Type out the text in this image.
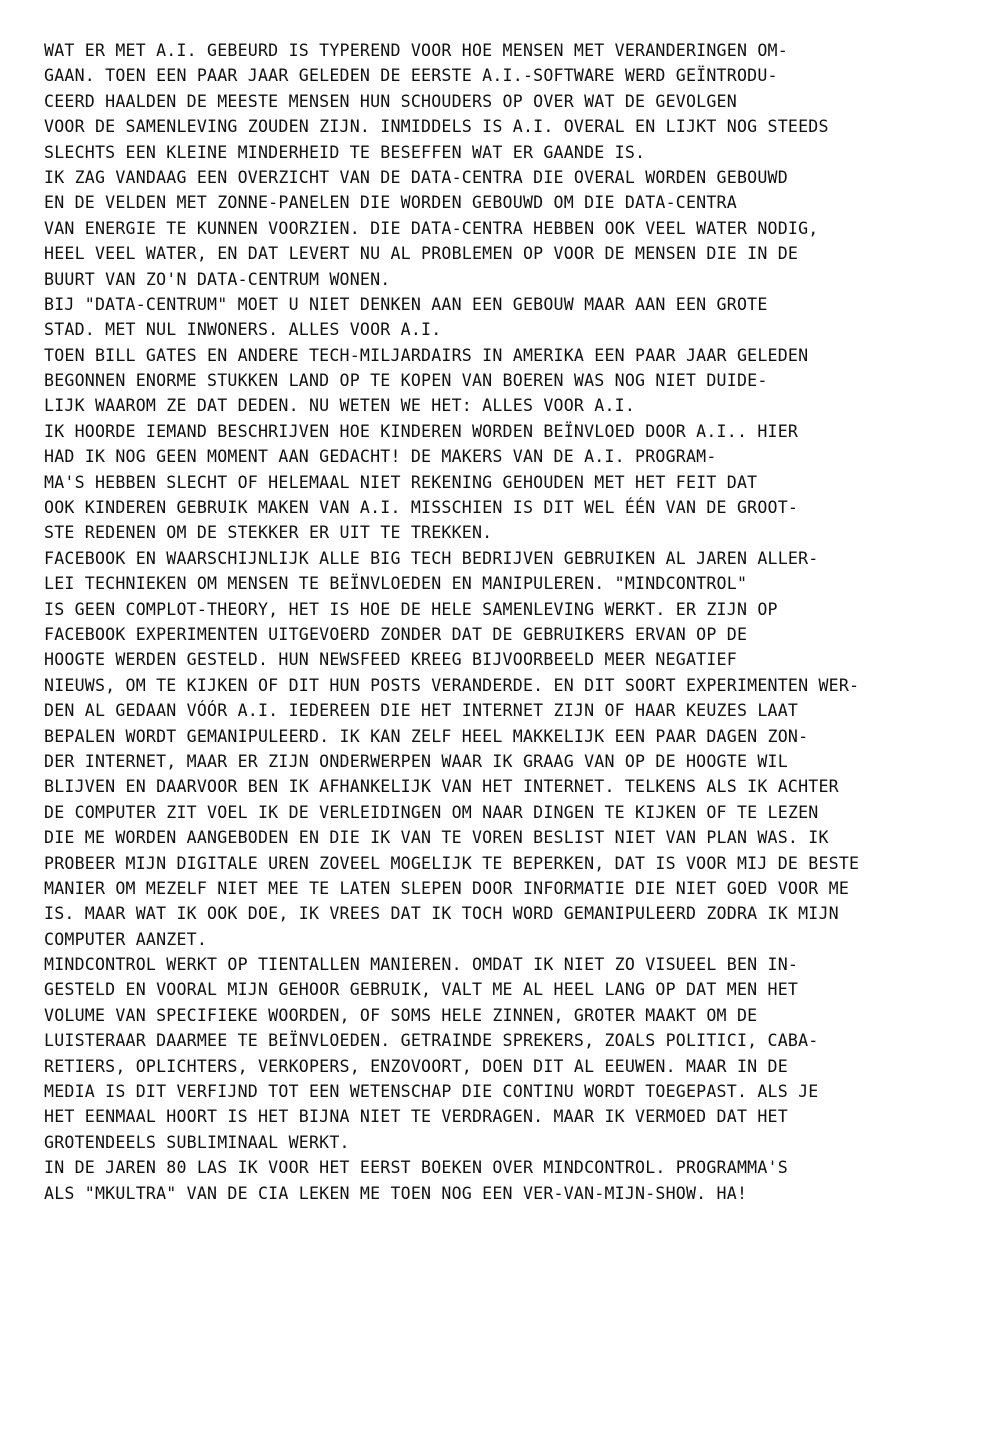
WAT ER MET A.I. GEBEURD IS TYPEREND VOOR HOE MENSEN MET VERANDERINGEN OM-
GAAN. TOEN EEN PAAR JAAR GELEDEN DE EERSTE A.I.-SOFTWARE WERD GEÏNTRODU-
CEERD HAALDEN DE MEESTE MENSEN HUN SCHOUDERS OP OVER WAT DE GEVOLGEN
VOOR DE SAMENLEVING ZOUDEN ZIJN. INMIDDELS IS A.I. OVERAL EN LIJKT NOG STEEDS
SLECHTS EEN KLEINE MINDERHEID TE BESEFFEN WAT ER GAANDE IS.
IK ZAG VANDAAG EEN OVERZICHT VAN DE DATA-CENTRA DIE OVERAL WORDEN GEBOUWD
EN DE VELDEN MET ZONNE-PANELEN DIE WORDEN GEBOUWD OM DIE DATA-CENTRA
VAN ENERGIE TE KUNNEN VOORZIEN. DIE DATA-CENTRA HEBBEN OOK VEEL WATER NODIG,
HEEL VEEL WATER, EN DAT LEVERT NU AL PROBLEMEN OP VOOR DE MENSEN DIE IN DE
BUURT VAN ZO'N DATA-CENTRUM WONEN.
BIJ "DATA-CENTRUM" MOET U NIET DENKEN AAN EEN GEBOUW MAAR AAN EEN GROTE
STAD. MET NUL INWONERS. ALLES VOOR A.I.
TOEN BILL GATES EN ANDERE TECH-MILJARDAIRS IN AMERIKA EEN PAAR JAAR GELEDEN
BEGONNEN ENORME STUKKEN LAND OP TE KOPEN VAN BOEREN WAS NOG NIET DUIDE-
LIJK WAAROM ZE DAT DEDEN. NU WETEN WE HET: ALLES VOOR A.I.
IK HOORDE IEMAND BESCHRIJVEN HOE KINDEREN WORDEN BEÏNVLOED DOOR A.I.. HIER
HAD IK NOG GEEN MOMENT AAN GEDACHT! DE MAKERS VAN DE A.I. PROGRAM-
MA'S HEBBEN SLECHT OF HELEMAAL NIET REKENING GEHOUDEN MET HET FEIT DAT
OOK KINDEREN GEBRUIK MAKEN VAN A.I. MISSCHIEN IS DIT WEL ÉÉN VAN DE GROOT-
STE REDENEN OM DE STEKKER ER UIT TE TREKKEN.
FACEBOOK EN WAARSCHIJNLIJK ALLE BIG TECH BEDRIJVEN GEBRUIKEN AL JAREN ALLER-
LEI TECHNIEKEN OM MENSEN TE BEÏNVLOEDEN EN MANIPULEREN. "MINDCONTROL"
IS GEEN COMPLOT-THEORY, HET IS HOE DE HELE SAMENLEVING WERKT. ER ZIJN OP
FACEBOOK EXPERIMENTEN UITGEVOERD ZONDER DAT DE GEBRUIKERS ERVAN OP DE
HOOGTE WERDEN GESTELD. HUN NEWSFEED KREEG BIJVOORBEELD MEER NEGATIEF
NIEUWS, OM TE KIJKEN OF DIT HUN POSTS VERANDERDE. EN DIT SOORT EXPERIMENTEN WER-
DEN AL GEDAAN VÓÓR A.I. IEDEREEN DIE HET INTERNET ZIJN OF HAAR KEUZES LAAT
BEPALEN WORDT GEMANIPULEERD. IK KAN ZELF HEEL MAKKELIJK EEN PAAR DAGEN ZON-
DER INTERNET, MAAR ER ZIJN ONDERWERPEN WAAR IK GRAAG VAN OP DE HOOGTE WIL
BLIJVEN EN DAARVOOR BEN IK AFHANKELIJK VAN HET INTERNET. TELKENS ALS IK ACHTER
DE COMPUTER ZIT VOEL IK DE VERLEIDINGEN OM NAAR DINGEN TE KIJKEN OF TE LEZEN
DIE ME WORDEN AANGEBODEN EN DIE IK VAN TE VOREN BESLIST NIET VAN PLAN WAS. IK
PROBEER MIJN DIGITALE UREN ZOVEEL MOGELIJK TE BEPERKEN, DAT IS VOOR MIJ DE BESTE
MANIER OM MEZELF NIET MEE TE LATEN SLEPEN DOOR INFORMATIE DIE NIET GOED VOOR ME
IS. MAAR WAT IK OOK DOE, IK VREES DAT IK TOCH WORD GEMANIPULEERD ZODRA IK MIJN
COMPUTER AANZET.
MINDCONTROL WERKT OP TIENTALLEN MANIEREN. OMDAT IK NIET ZO VISUEEL BEN IN-
GESTELD EN VOORAL MIJN GEHOOR GEBRUIK, VALT ME AL HEEL LANG OP DAT MEN HET
VOLUME VAN SPECIFIEKE WOORDEN, OF SOMS HELE ZINNEN, GROTER MAAKT OM DE
LUISTERAAR DAARMEE TE BEÏNVLOEDEN. GETRAINDE SPREKERS, ZOALS POLITICI, CABA-
RETIERS, OPLICHTERS, VERKOPERS, ENZOVOORT, DOEN DIT AL EEUWEN. MAAR IN DE
MEDIA IS DIT VERFIJND TOT EEN WETENSCHAP DIE CONTINU WORDT TOEGEPAST. ALS JE
HET EENMAAL HOORT IS HET BIJNA NIET TE VERDRAGEN. MAAR IK VERMOED DAT HET
GROTENDEELS SUBLIMINAAL WERKT.
IN DE JAREN 80 LAS IK VOOR HET EERST BOEKEN OVER MINDCONTROL. PROGRAMMA'S
ALS "MKULTRA" VAN DE CIA LEKEN ME TOEN NOG EEN VER-VAN-MIJN-SHOW. HA!
